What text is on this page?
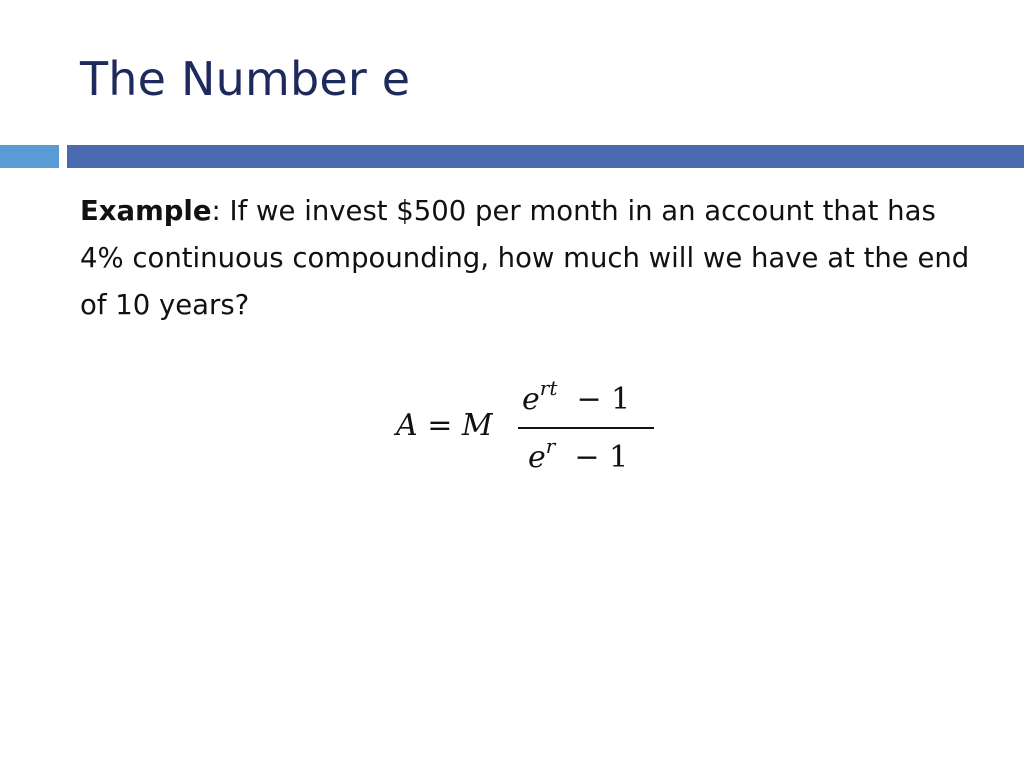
The Number e
Example: If we invest $500 per month in an account that has 4% continuous compounding, how much will we have at the end of 10 years?
A = M
$e^{rt} - 1$
$e^r - 1$
